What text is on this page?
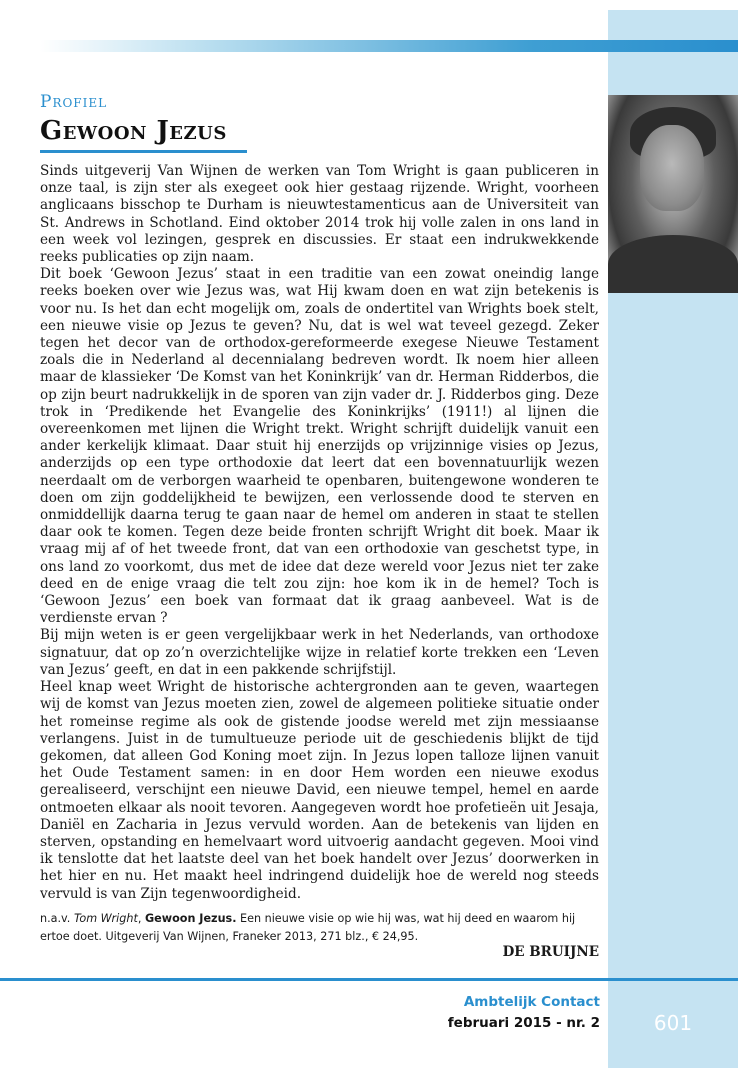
Profiel
Gewoon Jezus

Sinds uitgeverij Van Wijnen de werken van Tom Wright is gaan publiceren in onze taal, is zijn ster als exegeet ook hier gestaag rijzende. Wright, voorheen anglicaans bisschop te Durham is nieuwtestamenticus aan de Universiteit van St. Andrews in Schotland. Eind oktober 2014 trok hij volle zalen in ons land in een week vol lezingen, gesprek en discussies. Er staat een indrukwekkende reeks publicaties op zijn naam.

Dit boek ‘Gewoon Jezus’ staat in een traditie van een zowat oneindig lange reeks boeken over wie Jezus was, wat Hij kwam doen en wat zijn betekenis is voor nu. Is het dan echt mogelijk om, zoals de ondertitel van Wrights boek stelt, een nieuwe visie op Jezus te geven? Nu, dat is wel wat teveel gezegd. Zeker tegen het decor van de orthodox-gereformeerde exegese Nieuwe Testament zoals die in Nederland al decennialang bedreven wordt. Ik noem hier alleen maar de klassieker ‘De Komst van het Koninkrijk’ van dr. Herman Ridderbos, die op zijn beurt nadrukkelijk in de sporen van zijn vader dr. J. Ridderbos ging. Deze trok in ‘Predikende het Evangelie des Koninkrijks’ (1911!) al lijnen die overeenkomen met lijnen die Wright trekt. Wright schrijft duidelijk vanuit een ander kerkelijk klimaat. Daar stuit hij enerzijds op vrijzinnige visies op Jezus, anderzijds op een type orthodoxie dat leert dat een bovennatuurlijk wezen neerdaalt om de verborgen waarheid te openbaren, buitengewone wonderen te doen om zijn goddelijkheid te bewijzen, een verlossende dood te sterven en onmiddellijk daarna terug te gaan naar de hemel om anderen in staat te stellen daar ook te komen. Tegen deze beide fronten schrijft Wright dit boek. Maar ik vraag mij af of het tweede front, dat van een orthodoxie van geschetst type, in ons land zo voorkomt, dus met de idee dat deze wereld voor Jezus niet ter zake deed en de enige vraag die telt zou zijn: hoe kom ik in de hemel? Toch is ‘Gewoon Jezus’ een boek van formaat dat ik graag aanbeveel. Wat is de verdienste ervan ?

Bij mijn weten is er geen vergelijkbaar werk in het Nederlands, van orthodoxe signatuur, dat op zo’n overzichtelijke wijze in relatief korte trekken een ‘Leven van Jezus’ geeft, en dat in een pakkende schrijfstijl.

Heel knap weet Wright de historische achtergronden aan te geven, waartegen wij de komst van Jezus moeten zien, zowel de algemeen politieke situatie onder het romeinse regime als ook de gistende joodse wereld met zijn messiaanse verlangens. Juist in de tumultueuze periode uit de geschiedenis blijkt de tijd gekomen, dat alleen God Koning moet zijn. In Jezus lopen talloze lijnen vanuit het Oude Testament samen: in en door Hem worden een nieuwe exodus gerealiseerd, verschijnt een nieuwe David, een nieuwe tempel, hemel en aarde ontmoeten elkaar als nooit tevoren. Aangegeven wordt hoe profetieën uit Jesaja, Daniël en Zacharia in Jezus vervuld worden. Aan de betekenis van lijden en sterven, opstanding en hemelvaart word uitvoerig aandacht gegeven. Mooi vind ik tenslotte dat het laatste deel van het boek handelt over Jezus’ doorwerken in het hier en nu. Het maakt heel indringend duidelijk hoe de wereld nog steeds vervuld is van Zijn tegenwoordigheid.

n.a.v. Tom Wright, Gewoon Jezus. Een nieuwe visie op wie hij was, wat hij deed en waarom hij ertoe doet. Uitgeverij Van Wijnen, Franeker 2013, 271 blz., € 24,95.
DE BRUIJNE
Ambtelijk Contact
februari 2015 - nr. 2	601
